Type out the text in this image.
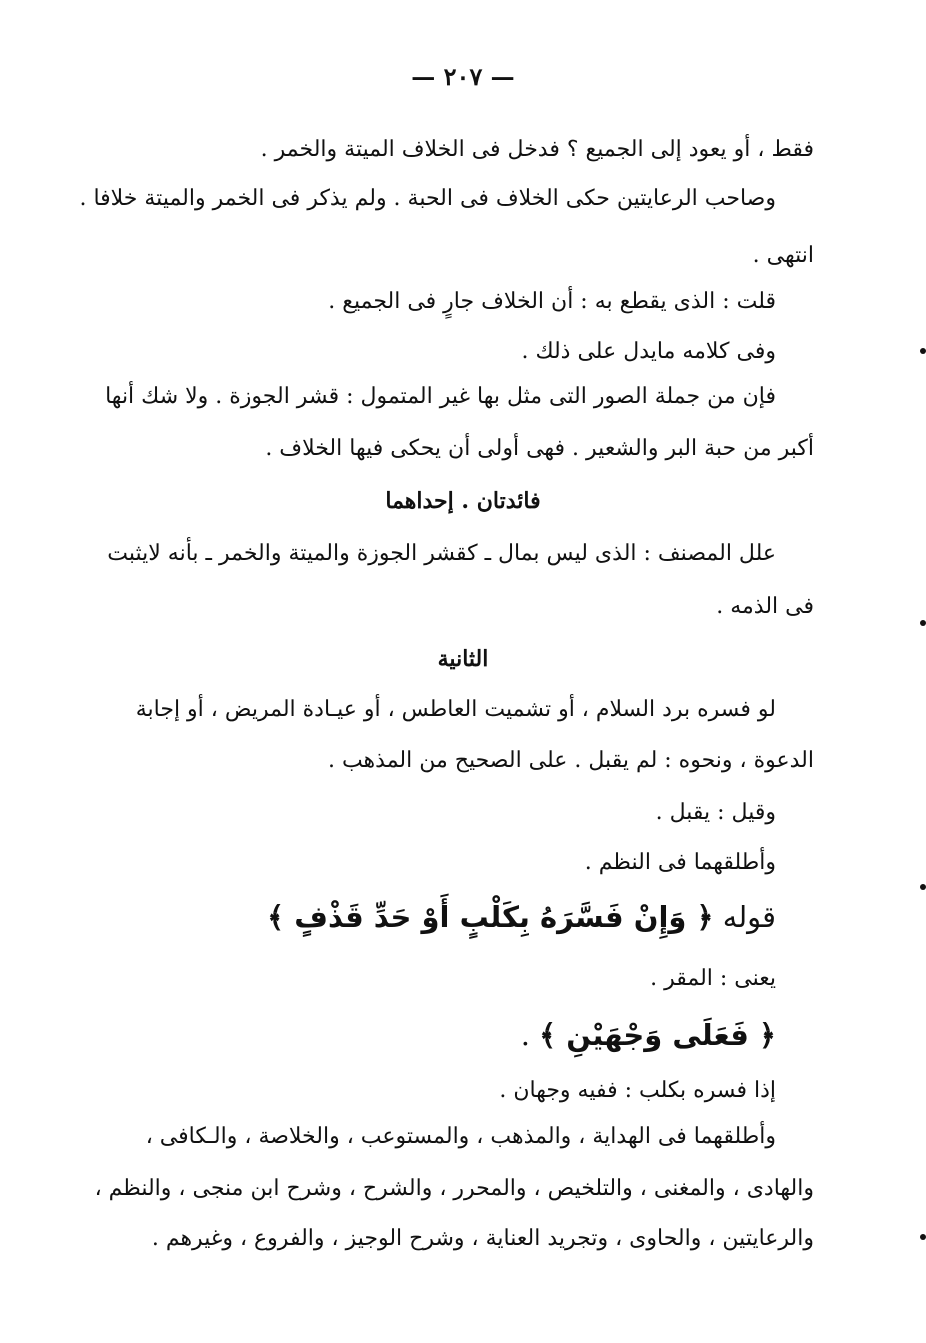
— ٢٠٧ —
فقط ، أو يعود إلى الجميع ؟ فدخل فى الخلاف الميتة والخمر .
وصاحب الرعايتين حكى الخلاف فى الحبة . ولم يذكر فى الخمر والميتة خلافا .
انتهى .
قلت : الذى يقطع به : أن الخلاف جارٍ فى الجميع .
وفى كلامه مايدل على ذلك .
فإن من جملة الصور التى مثل بها غير المتمول : قشر الجوزة . ولا شك أنها
أكبر من حبة البر والشعير . فهى أولى أن يحكى فيها الخلاف .
فائدتان . إحداهما
علل المصنف : الذى ليس بمال ـ كقشر الجوزة والميتة والخمر ـ بأنه لايثبت
فى الذمه .
الثانية
لو فسره برد السلام ، أو تشميت العاطس ، أو عيـادة المريض ، أو إجابة
الدعوة ، ونحوه : لم يقبل . على الصحيح من المذهب .
وقيل : يقبل .
وأطلقهما فى النظم .
قوله ﴿ وَإِنْ فَسَّرَهُ بِكَلْبٍ أَوْ حَدِّ قَذْفٍ ﴾
يعنى : المقر .
﴿ فَعَلَى وَجْهَيْنِ ﴾ .
إذا فسره بكلب : ففيه وجهان .
وأطلقهما فى الهداية ، والمذهب ، والمستوعب ، والخلاصة ، والـكافى ،
والهادى ، والمغنى ، والتلخيص ، والمحرر ، والشرح ، وشرح ابن منجى ، والنظم ،
والرعايتين ، والحاوى ، وتجريد العناية ، وشرح الوجيز ، والفروع ، وغيرهم .
